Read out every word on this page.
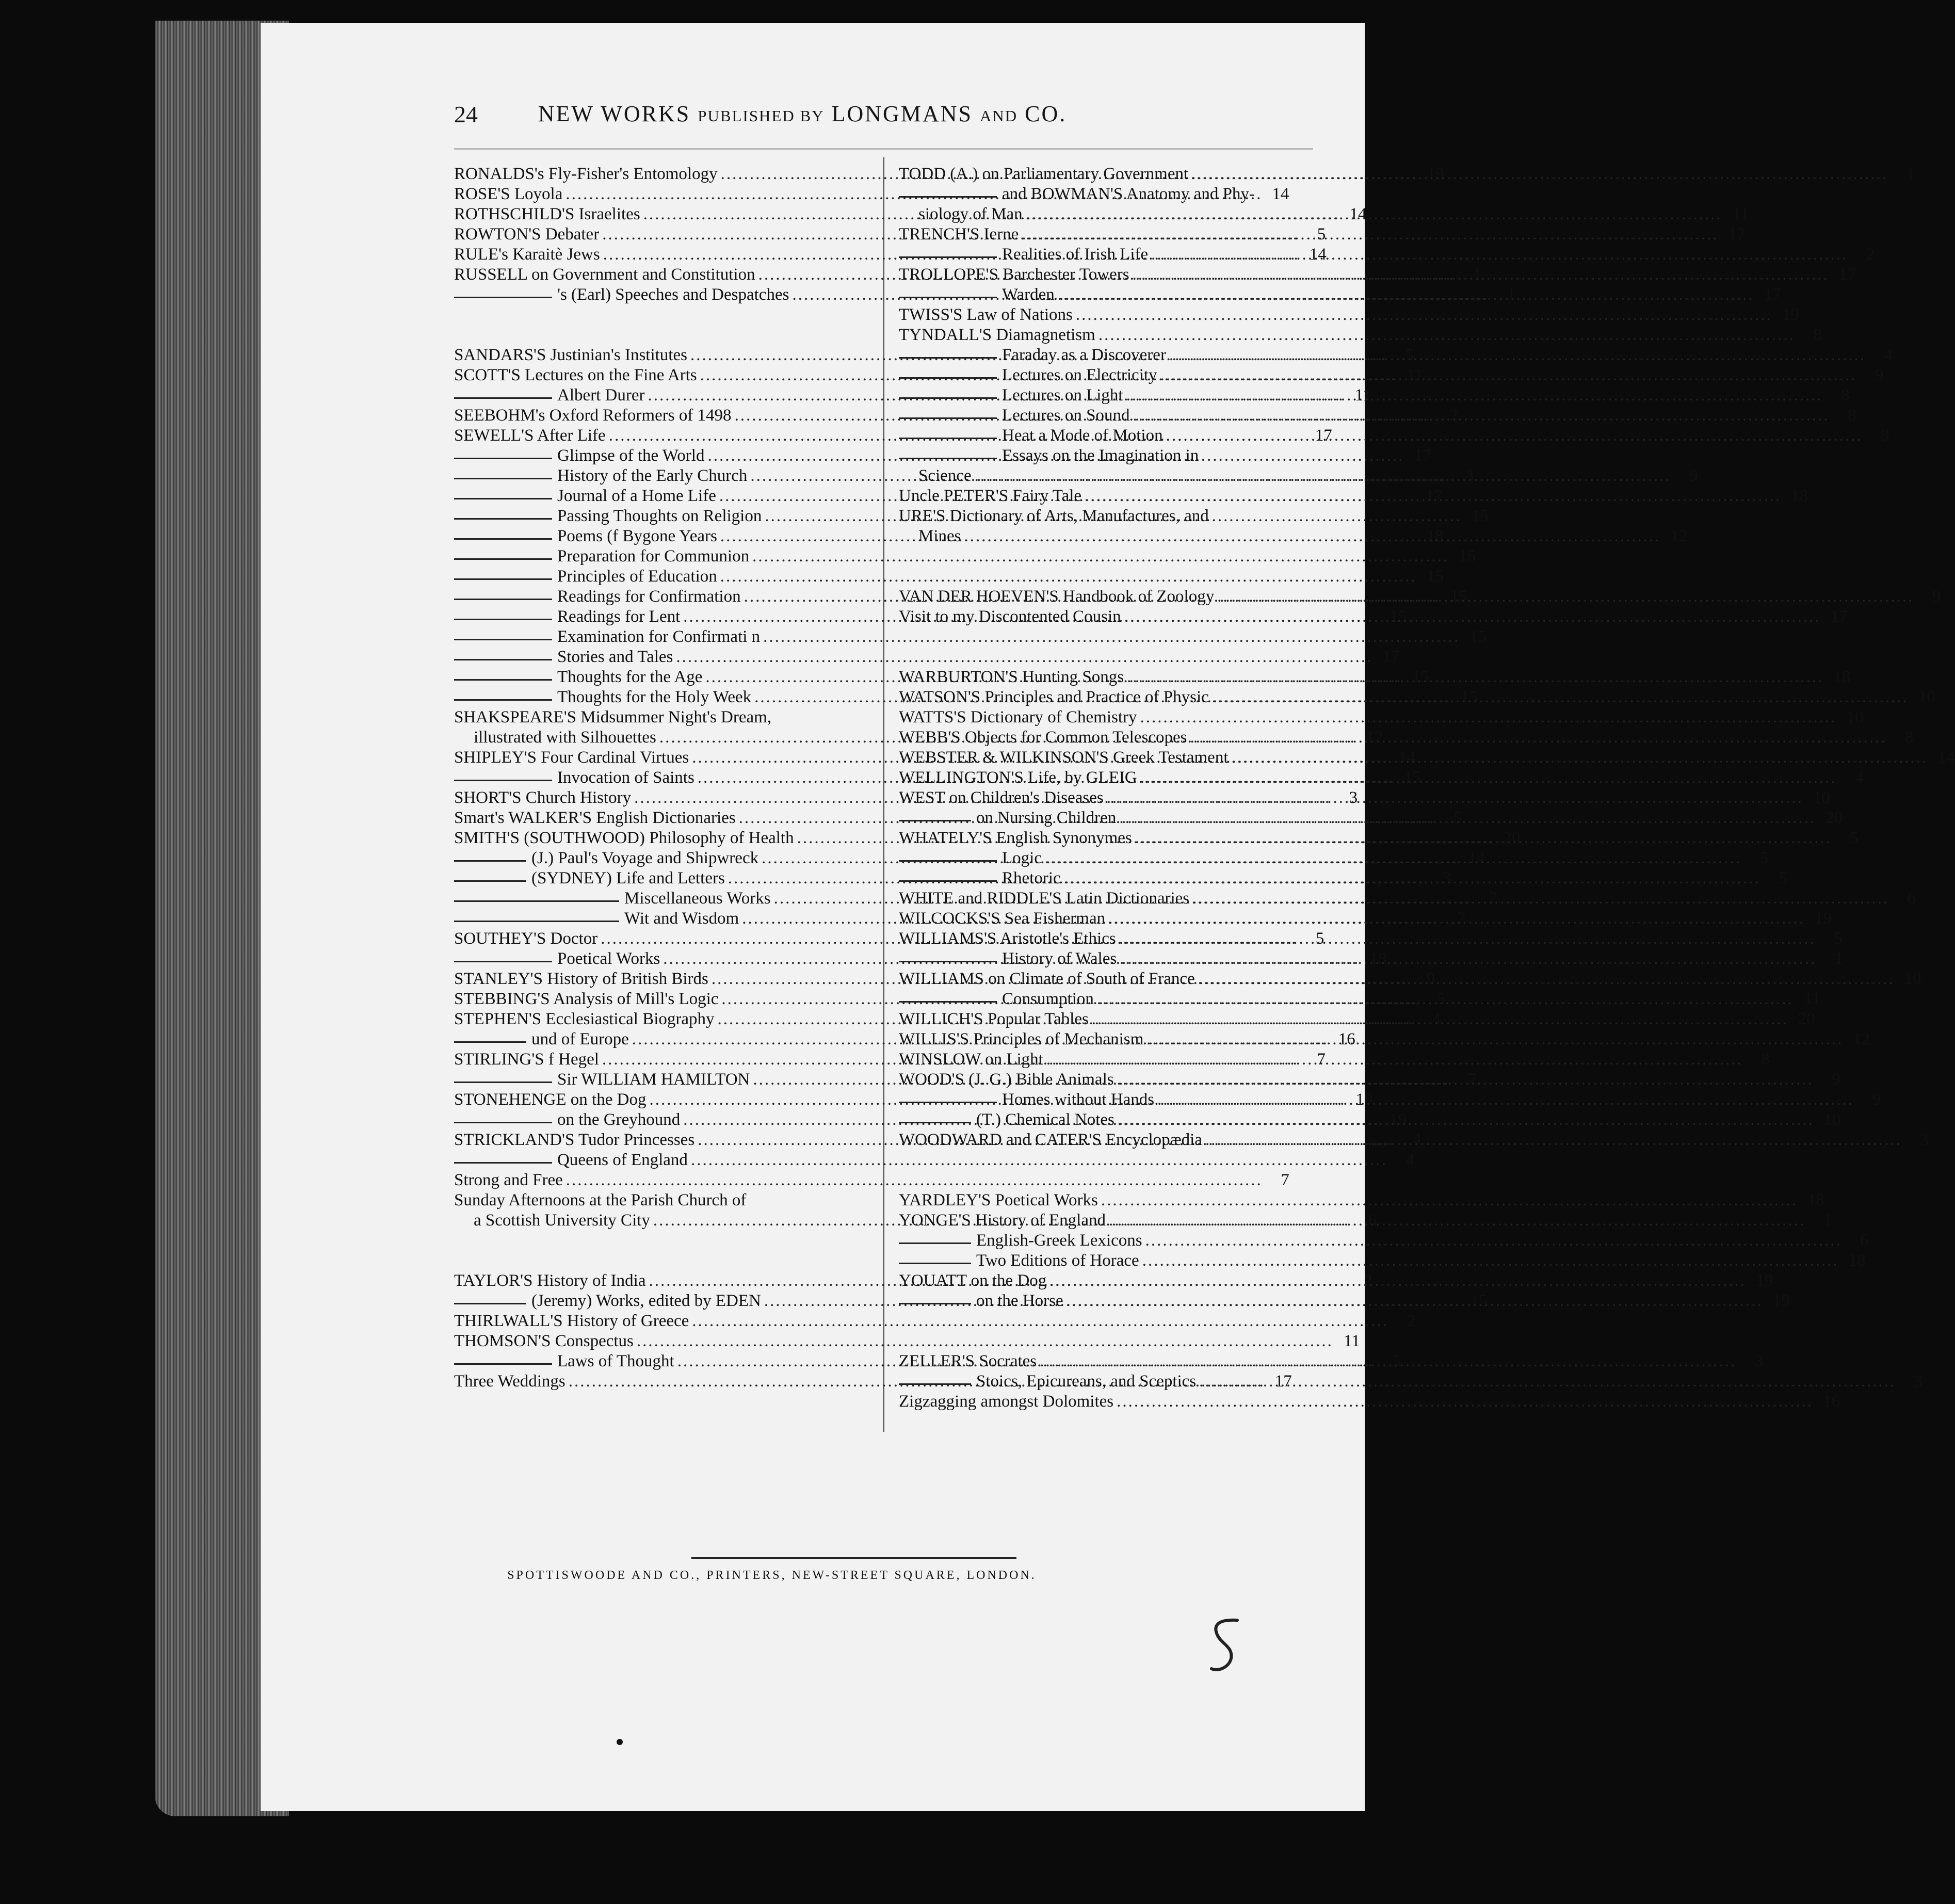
24	NEW WORKS PUBLISHED BY LONGMANS AND CO.
RONALDS's Fly-Fisher's Entomology .....	19
ROSE'S Loyola .....	14
ROTHSCHILD'S Israelites .....	14
ROWTON'S Debater .....	5
RULE's Karaitè Jews .....	14
RUSSELL on Government and Constitution .....	1
's (Earl) Speeches and Despatches .....	1
SANDARS'S Justinian's Institutes .....	5
SCOTT'S Lectures on the Fine Arts .....	11
Albert Durer .....	11
SEEBOHM's Oxford Reformers of 1498 .....	2
SEWELL'S After Life .....	17
Glimpse of the World .....	17
History of the Early Church .....	3
Journal of a Home Life .....	17
Passing Thoughts on Religion .....	15
Poems (f Bygone Years .....	18
Preparation for Communion .....	15
Principles of Education .....	15
Readings for Confirmation .....	15
Readings for Lent .....	15
Examination for Confirmati n .....	15
Stories and Tales .....	17
Thoughts for the Age .....	15
Thoughts for the Holy Week .....	15
SHAKSPEARE'S Midsummer Night's Dream,
illustrated with Silhouettes .....	12
SHIPLEY'S Four Cardinal Virtues .....	14
Invocation of Saints .....	15
SHORT'S Church History .....	3
Smart's WALKER'S English Dictionaries .....	5
SMITH'S (SOUTHWOOD) Philosophy of Health .....	20
(J.) Paul's Voyage and Shipwreck .....	14
(SYDNEY) Life and Letters .....	3
Miscellaneous Works .....	7
Wit and Wisdom .....	7
SOUTHEY'S Doctor .....	5
Poetical Works .....	18
STANLEY'S History of British Birds .....	9
STEBBING'S Analysis of Mill's Logic .....	5
STEPHEN'S Ecclesiastical Biography .....	4
und of Europe .....	16
STIRLING'S f Hegel .....	7
Sir WILLIAM HAMILTON .....	7
STONEHENGE on the Dog .....	19
on the Greyhound .....	19
STRICKLAND'S Tudor Princesses .....	4
Queens of England .....	4
Strong and Free .....	7
Sunday Afternoons at the Parish Church of
a Scottish University City .....	6
TAYLOR'S History of India .....	2
(Jeremy) Works, edited by EDEN .....	15
THIRLWALL'S History of Greece .....	2
THOMSON'S Conspectus .....	11
Laws of Thought .....	5
Three Weddings .....	17
TODD (A.) on Parliamentary Government .....	1
and BOWMAN'S Anatomy and Phy-
siology of Man .....	11
TRENCH'S Ierne .....	17
Realities of Irish Life .....	2
TROLLOPE'S Barchester Towers .....	17
Warden .....	17
TWISS'S Law of Nations .....	19
TYNDALL'S Diamagnetism .....	8
Faraday as a Discoverer .....	4
Lectures on Electricity .....	9
Lectures on Light .....	8
Lectures on Sound .....	8
Heat a Mode of Motion .....	8
Essays on the Imagination in
Science .....	9
Uncle PETER'S Fairy Tale .....	18
URE'S Dictionary of Arts, Manufactures, and
Mines .....	12
VAN DER HOEVEN'S Handbook of Zoology .....	9
Visit to my Discontented Cousin .....	17
WARBURTON'S Hunting Songs .....	18
WATSON'S Principles and Practice of Physic .....	10
WATTS'S Dictionary of Chemistry .....	10
WEBB'S Objects for Common Telescopes .....	8
WEBSTER & WILKINSON'S Greek Testament .....	14
WELLINGTON'S Life, by GLEIG .....	4
WEST on Children's Diseases .....	10
on Nursing Children .....	20
WHATELY'S English Synonymes .....	5
Logic .....	5
Rhetoric .....	5
WHITE and RIDDLE'S Latin Dictionaries .....	6
WILCOCKS'S Sea Fisherman .....	19
WILLIAMS'S Aristotle's Ethics .....	5
History of Wales .....	1
WILLIAMS on Climate of South of France .....	10
Consumption .....	11
WILLICH'S Popular Tables .....	20
WILLIS'S Principles of Mechanism .....	12
WINSLOW on Light .....	8
WOOD'S (J. G.) Bible Animals .....	9
Homes without Hands .....	9
(T.) Chemical Notes .....	10
WOODWARD and CATER'S Encyclopædia .....	3
YARDLEY'S Poetical Works .....	18
YONGE'S History of England .....	1
English-Greek Lexicons .....	6
Two Editions of Horace .....	18
YOUATT on the Dog .....	19
on the Horse .....	19
ZELLER'S Socrates .....	3
Stoics, Epicureans, and Sceptics .....	3
Zigzagging amongst Dolomites .....	16
SPOTTISWOODE AND CO., PRINTERS, NEW-STREET SQUARE, LONDON.
